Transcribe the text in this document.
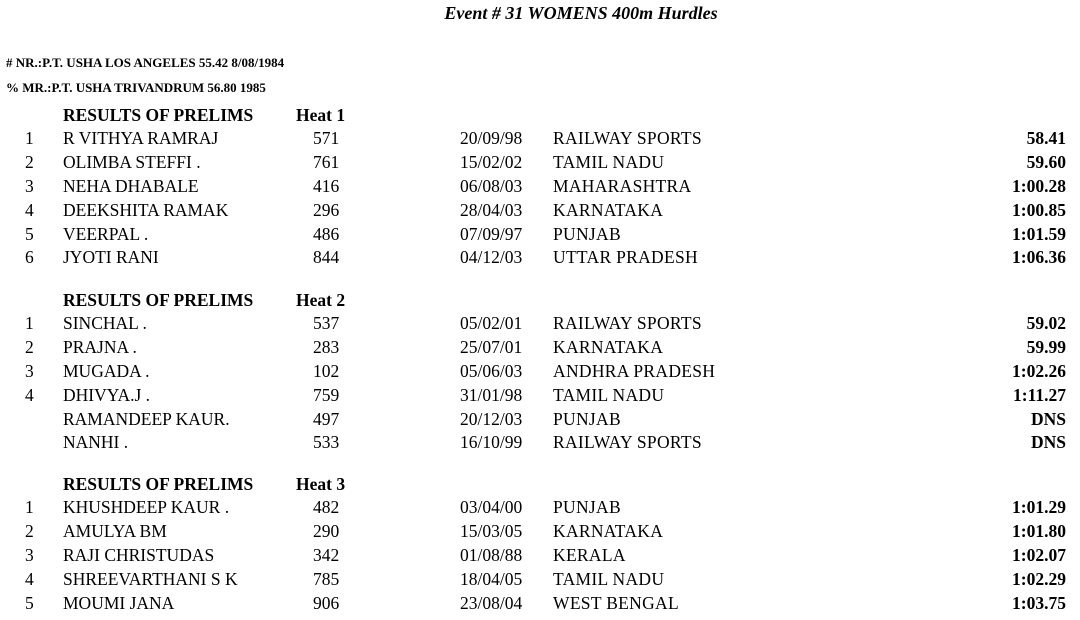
Event # 31 WOMENS 400m Hurdles
# NR.:P.T. USHA LOS ANGELES 55.42 8/08/1984
% MR.:P.T. USHA TRIVANDRUM 56.80 1985
RESULTS OF PRELIMS Heat 1
1 R VITHYA RAMRAJ	571	20/09/98 RAILWAY SPORTS	58.41
2 OLIMBA STEFFI .	761	15/02/02 TAMIL NADU	59.60
3 NEHA DHABALE	416	06/08/03 MAHARASHTRA	1:00.28
4 DEEKSHITA RAMAK	296	28/04/03 KARNATAKA	1:00.85
5 VEERPAL .	486	07/09/97 PUNJAB	1:01.59
6 JYOTI RANI	844	04/12/03 UTTAR PRADESH	1:06.36
RESULTS OF PRELIMS Heat 2
1 SINCHAL .	537	05/02/01 RAILWAY SPORTS	59.02
2 PRAJNA .	283	25/07/01 KARNATAKA	59.99
3 MUGADA .	102	05/06/03 ANDHRA PRADESH	1:02.26
4 DHIVYA.J .	759	31/01/98 TAMIL NADU	1:11.27
RAMANDEEP KAUR.	497	20/12/03 PUNJAB	DNS
NANHI .	533	16/10/99 RAILWAY SPORTS	DNS
RESULTS OF PRELIMS Heat 3
1 KHUSHDEEP KAUR .	482	03/04/00 PUNJAB	1:01.29
2 AMULYA BM	290	15/03/05 KARNATAKA	1:01.80
3 RAJI CHRISTUDAS	342	01/08/88 KERALA	1:02.07
4 SHREEVARTHANI S K	785	18/04/05 TAMIL NADU	1:02.29
5 MOUMI JANA	906	23/08/04 WEST BENGAL	1:03.75
